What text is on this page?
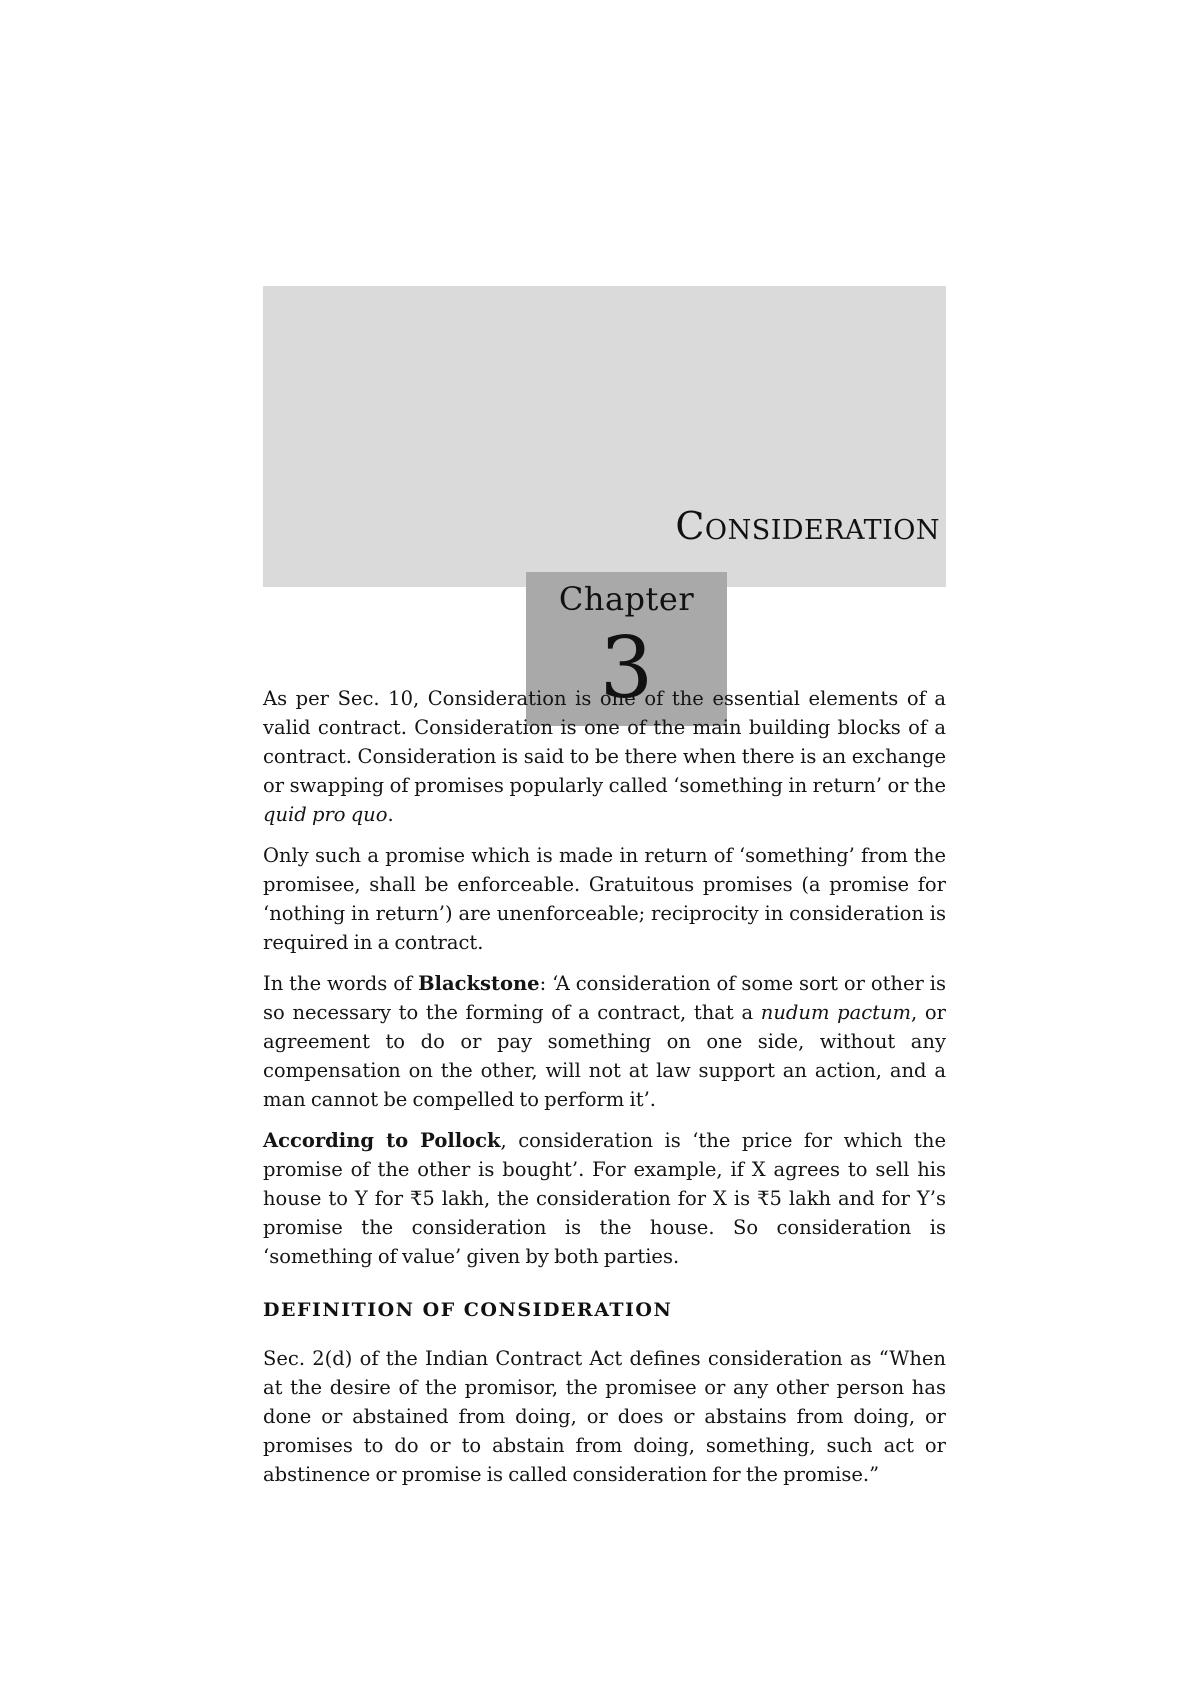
Chapter
3
Consideration

As per Sec. 10, Consideration is one of the essential elements of a valid contract. Consideration is one of the main building blocks of a contract. Consideration is said to be there when there is an exchange or swapping of promises popularly called ‘something in return’ or the quid pro quo.

Only such a promise which is made in return of ‘something’ from the promisee, shall be enforceable. Gratuitous promises (a promise for ‘nothing in return’) are unenforceable; reciprocity in consideration is required in a contract.

In the words of Blackstone: ‘A consideration of some sort or other is so necessary to the forming of a contract, that a nudum pactum, or agreement to do or pay something on one side, without any compensation on the other, will not at law support an action, and a man cannot be compelled to perform it’.

According to Pollock, consideration is ‘the price for which the promise of the other is bought’. For example, if X agrees to sell his house to Y for ₹5 lakh, the consideration for X is ₹5 lakh and for Y’s promise the consideration is the house. So consideration is ‘something of value’ given by both parties.

DEFINITION OF CONSIDERATION

Sec. 2(d) of the Indian Contract Act defines consideration as “When at the desire of the promisor, the promisee or any other person has done or abstained from doing, or does or abstains from doing, or promises to do or to abstain from doing, something, such act or abstinence or promise is called consideration for the promise.”
